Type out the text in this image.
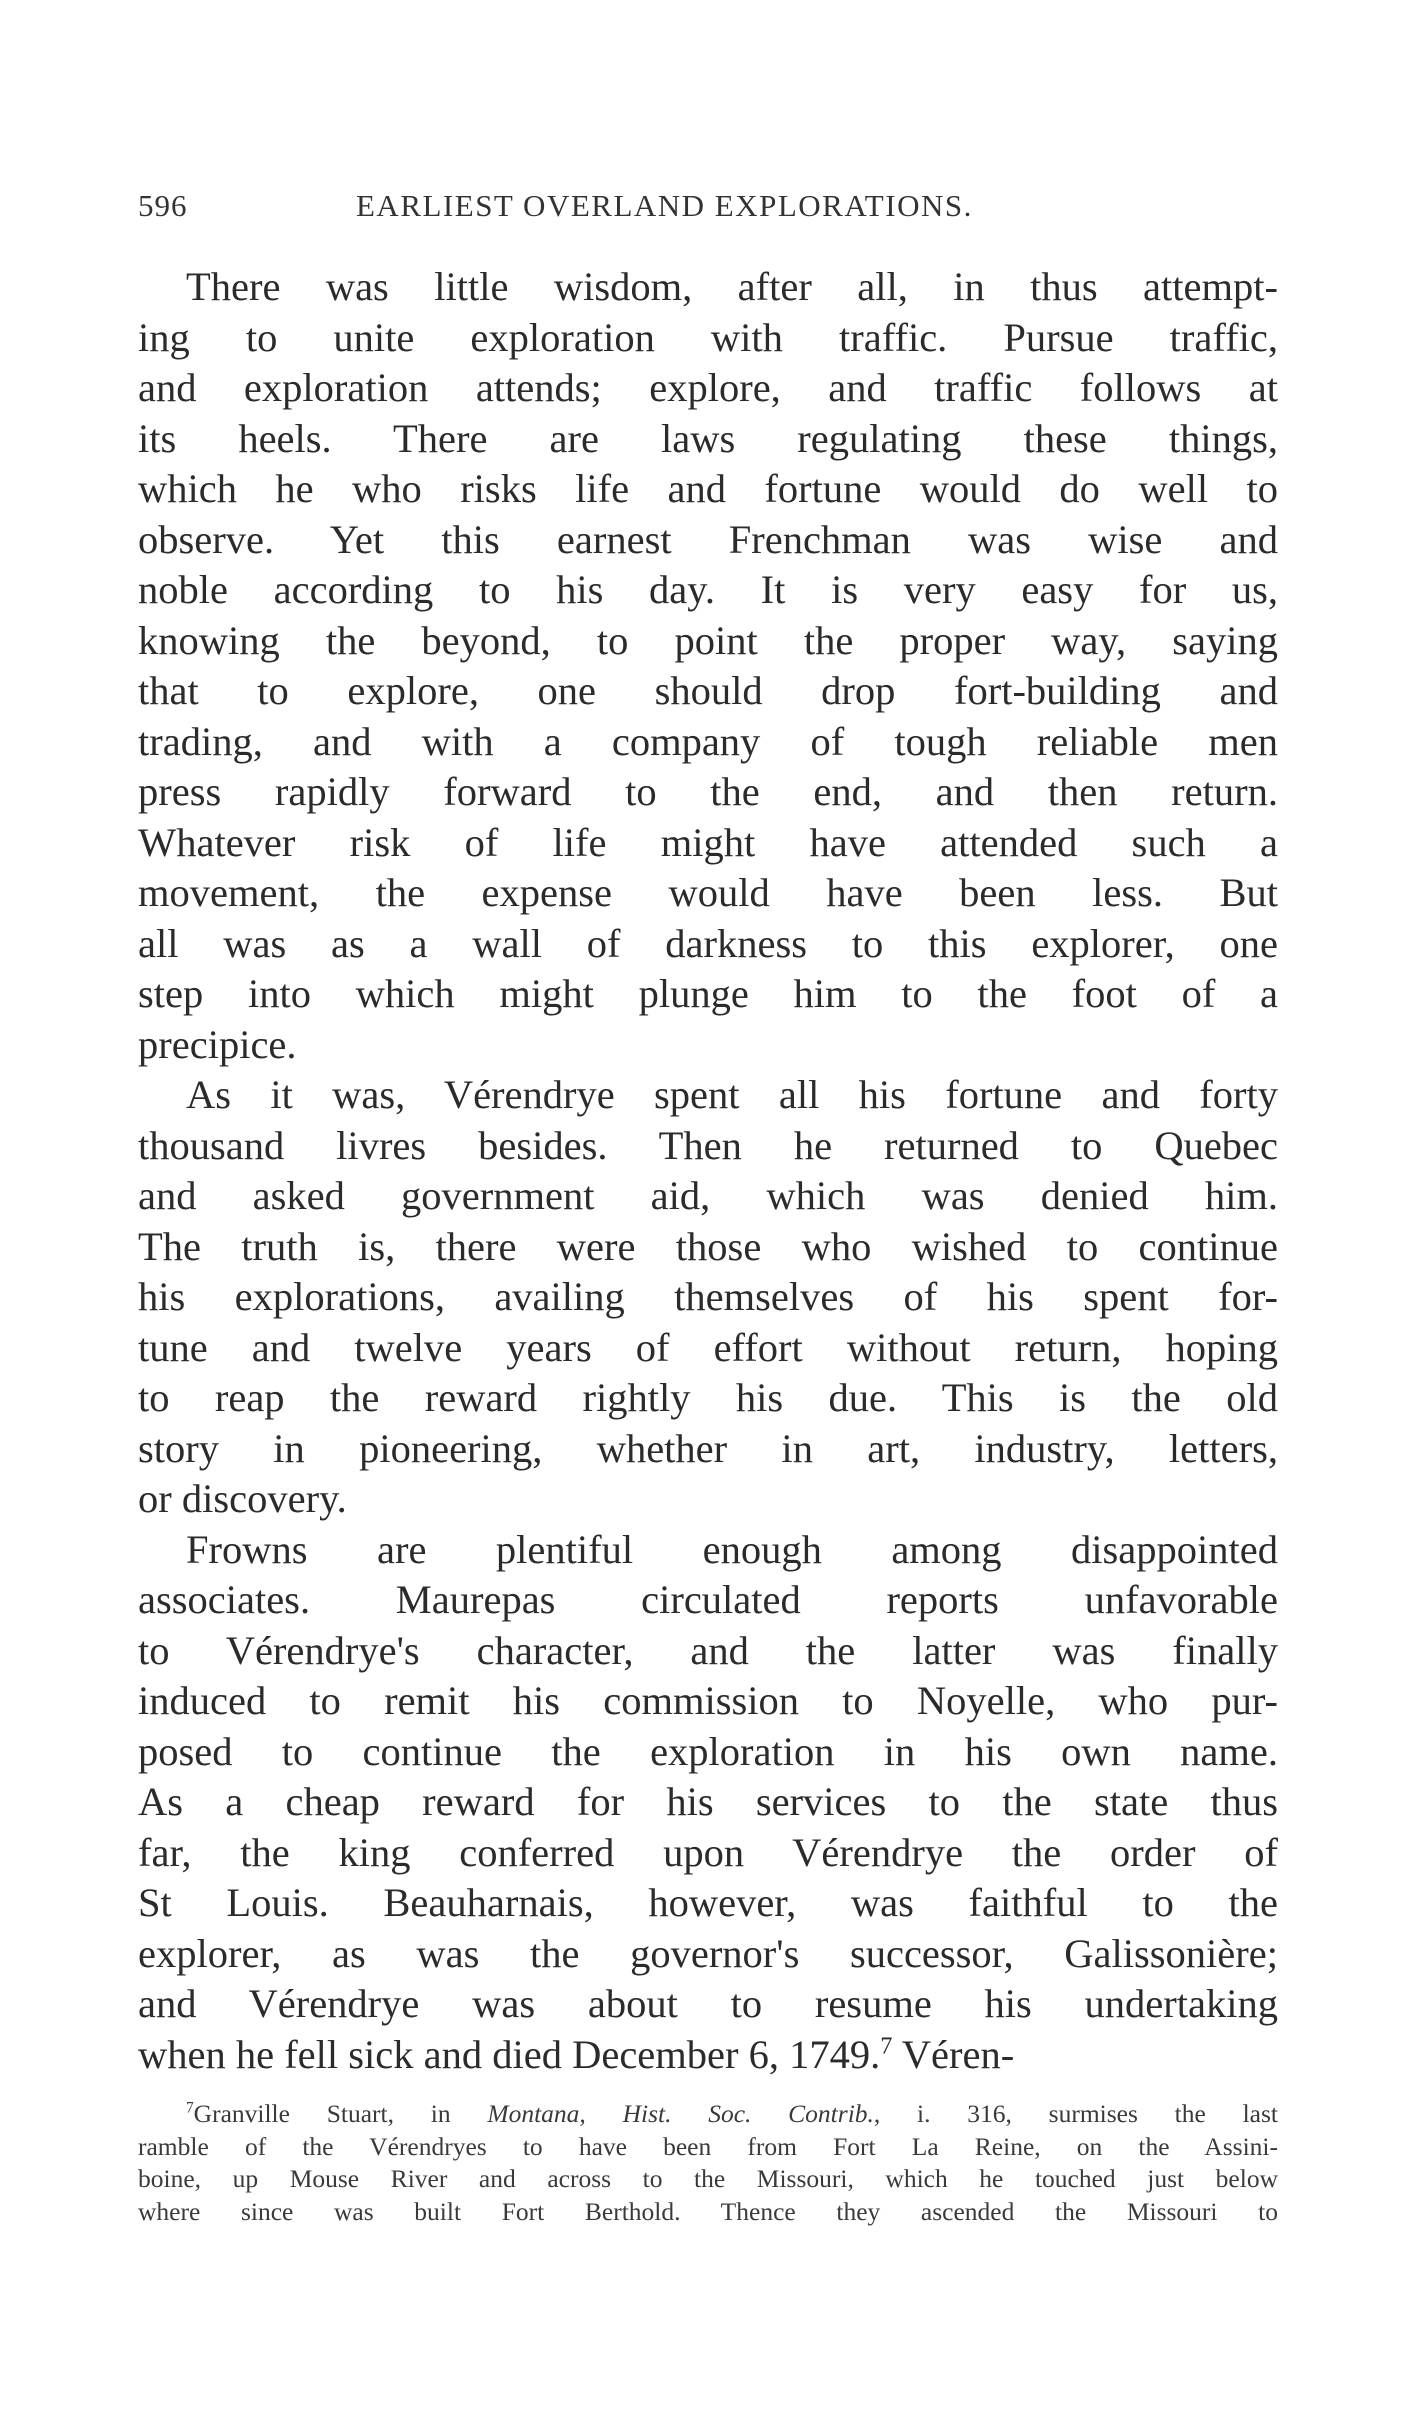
596	EARLIEST OVERLAND EXPLORATIONS.
There was little wisdom, after all, in thus attempt-
ing to unite exploration with traffic. Pursue traffic,
and exploration attends; explore, and traffic follows at
its heels. There are laws regulating these things,
which he who risks life and fortune would do well to
observe. Yet this earnest Frenchman was wise and
noble according to his day. It is very easy for us,
knowing the beyond, to point the proper way, saying
that to explore, one should drop fort-building and
trading, and with a company of tough reliable men
press rapidly forward to the end, and then return.
Whatever risk of life might have attended such a
movement, the expense would have been less. But
all was as a wall of darkness to this explorer, one
step into which might plunge him to the foot of a
precipice.
As it was, Vérendrye spent all his fortune and forty
thousand livres besides. Then he returned to Quebec
and asked government aid, which was denied him.
The truth is, there were those who wished to continue
his explorations, availing themselves of his spent for-
tune and twelve years of effort without return, hoping
to reap the reward rightly his due. This is the old
story in pioneering, whether in art, industry, letters,
or discovery.
Frowns are plentiful enough among disappointed
associates. Maurepas circulated reports unfavorable
to Vérendrye's character, and the latter was finally
induced to remit his commission to Noyelle, who pur-
posed to continue the exploration in his own name.
As a cheap reward for his services to the state thus
far, the king conferred upon Vérendrye the order of
St Louis. Beauharnais, however, was faithful to the
explorer, as was the governor's successor, Galissonière;
and Vérendrye was about to resume his undertaking
when he fell sick and died December 6, 1749.$^7$ Véren-
$^7$Granville Stuart, in Montana, Hist. Soc. Contrib., i. 316, surmises the last
ramble of the Vérendryes to have been from Fort La Reine, on the Assini-
boine, up Mouse River and across to the Missouri, which he touched just below
where since was built Fort Berthold. Thence they ascended the Missouri to
